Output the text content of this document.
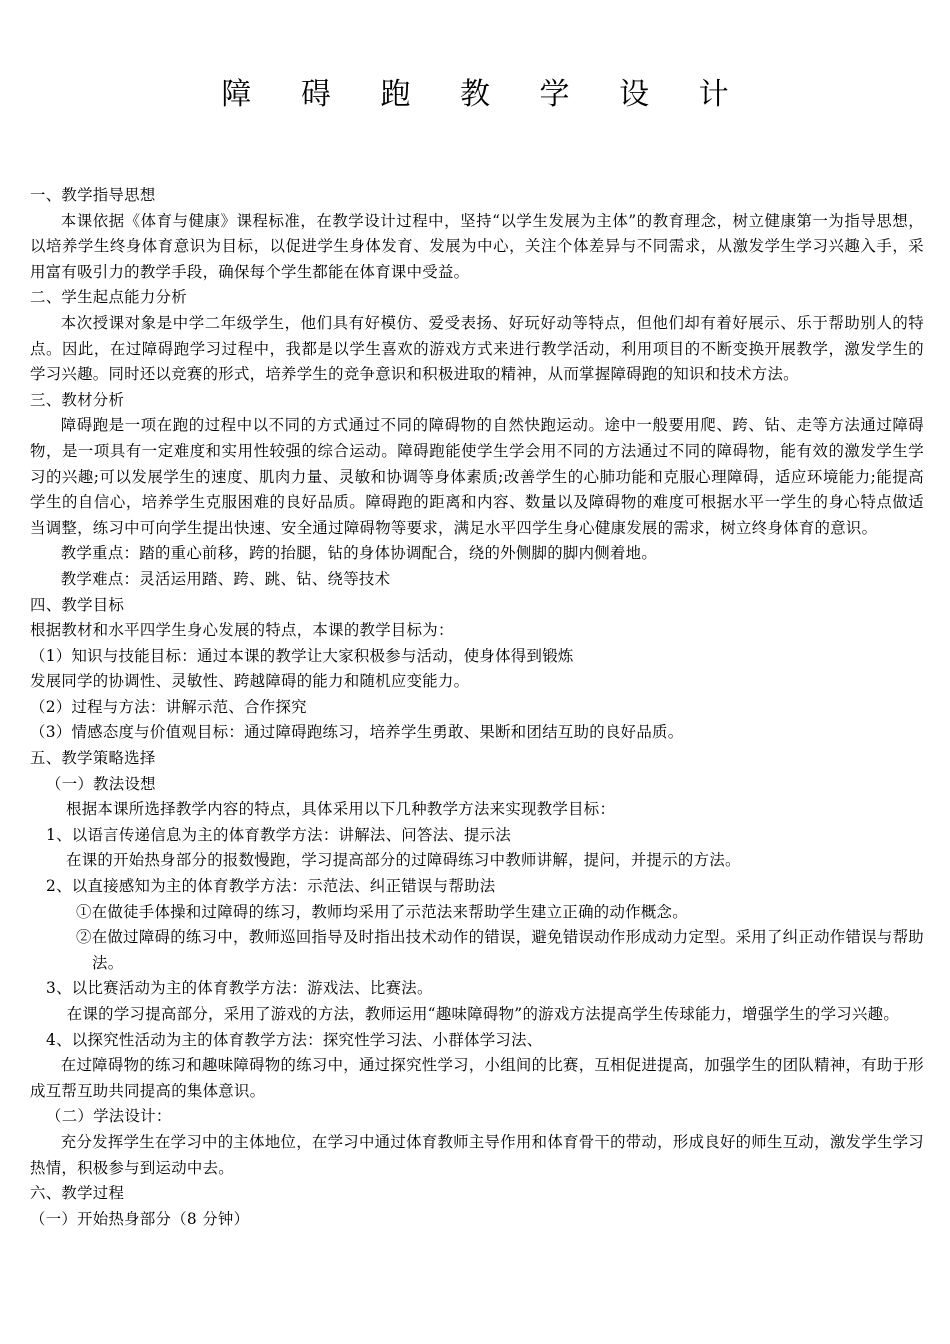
障 碍 跑 教 学 设 计

一、教学指导思想

本课依据《体育与健康》课程标准，在教学设计过程中，坚持“以学生发展为主体”的教育理念，树立健康第一为指导思想，以培养学生终身体育意识为目标，以促进学生身体发育、发展为中心，关注个体差异与不同需求，从激发学生学习兴趣入手，采用富有吸引力的教学手段，确保每个学生都能在体育课中受益。

二、学生起点能力分析

本次授课对象是中学二年级学生，他们具有好模仿、爱受表扬、好玩好动等特点，但他们却有着好展示、乐于帮助别人的特点。因此，在过障碍跑学习过程中，我都是以学生喜欢的游戏方式来进行教学活动，利用项目的不断变换开展教学，激发学生的学习兴趣。同时还以竞赛的形式，培养学生的竞争意识和积极进取的精神，从而掌握障碍跑的知识和技术方法。

三、教材分析

障碍跑是一项在跑的过程中以不同的方式通过不同的障碍物的自然快跑运动。途中一般要用爬、跨、钻、走等方法通过障碍物，是一项具有一定难度和实用性较强的综合运动。障碍跑能使学生学会用不同的方法通过不同的障碍物，能有效的激发学生学习的兴趣;可以发展学生的速度、肌肉力量、灵敏和协调等身体素质;改善学生的心肺功能和克服心理障碍，适应环境能力;能提高学生的自信心，培养学生克服困难的良好品质。障碍跑的距离和内容、数量以及障碍物的难度可根据水平一学生的身心特点做适当调整，练习中可向学生提出快速、安全通过障碍物等要求，满足水平四学生身心健康发展的需求，树立终身体育的意识。

教学重点：踏的重心前移，跨的抬腿，钻的身体协调配合，绕的外侧脚的脚内侧着地。

教学难点：灵活运用踏、跨、跳、钻、绕等技术

四、教学目标

根据教材和水平四学生身心发展的特点，本课的教学目标为：

（1）知识与技能目标：通过本课的教学让大家积极参与活动，使身体得到锻炼

发展同学的协调性、灵敏性、跨越障碍的能力和随机应变能力。

（2）过程与方法：讲解示范、合作探究

（3）情感态度与价值观目标：通过障碍跑练习，培养学生勇敢、果断和团结互助的良好品质。

五、教学策略选择

（一）教法设想

根据本课所选择教学内容的特点，具体采用以下几种教学方法来实现教学目标：

1、以语言传递信息为主的体育教学方法：讲解法、问答法、提示法

在课的开始热身部分的报数慢跑，学习提高部分的过障碍练习中教师讲解，提问，并提示的方法。

2、以直接感知为主的体育教学方法：示范法、纠正错误与帮助法

①在做徒手体操和过障碍的练习，教师均采用了示范法来帮助学生建立正确的动作概念。

②在做过障碍的练习中，教师巡回指导及时指出技术动作的错误，避免错误动作形成动力定型。采用了纠正动作错误与帮助法。

3、以比赛活动为主的体育教学方法：游戏法、比赛法。

在课的学习提高部分，采用了游戏的方法，教师运用“趣味障碍物”的游戏方法提高学生传球能力，增强学生的学习兴趣。

4、以探究性活动为主的体育教学方法：探究性学习法、小群体学习法、

在过障碍物的练习和趣味障碍物的练习中，通过探究性学习，小组间的比赛，互相促进提高，加强学生的团队精神，有助于形成互帮互助共同提高的集体意识。

（二）学法设计：

充分发挥学生在学习中的主体地位，在学习中通过体育教师主导作用和体育骨干的带动，形成良好的师生互动，激发学生学习热情，积极参与到运动中去。

六、教学过程

（一）开始热身部分（8 分钟）
